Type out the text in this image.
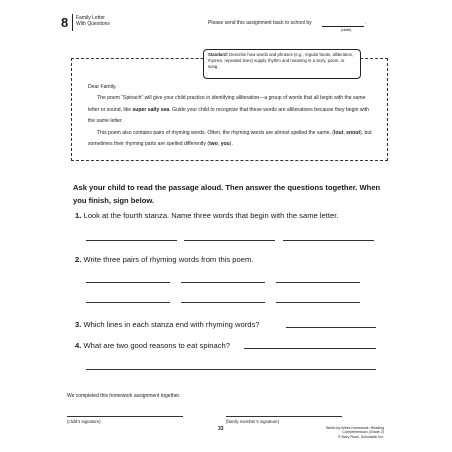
8 Family Letter
With Questions	Please send this assignment back to school by	.
(date)
Standard: Describe how words and phrases (e.g., regular beats, alliteration, rhymes, repeated lines) supply rhythm and meaning in a story, poem, or song.

Dear Family,

The poem “Spinach” will give your child practice in identifying alliteration—a group of words that all begin with the same letter or sound, like super salty sea. Guide your child to recognize that these words are alliterations because they begin with the same letter.

This poem also contains pairs of rhyming words. Often, the rhyming words are almost spelled the same, (lout, snout), but sometimes their rhyming parts are spelled differently (two, you).

Ask your child to read the passage aloud. Then answer the questions together. When you finish, sign below.
1. Look at the fourth stanza. Name three words that begin with the same letter.
2. Write three pairs of rhyming words from this poem.
3. Which lines in each stanza end with rhyming words?
4. What are two good reasons to eat spinach?
We completed this homework assignment together.
(child’s signature)	(family member’s signature)
33	Week-by-Week Homework: Reading Comprehension (Grade 2)
© Mary Rose, Scholastic Inc.
